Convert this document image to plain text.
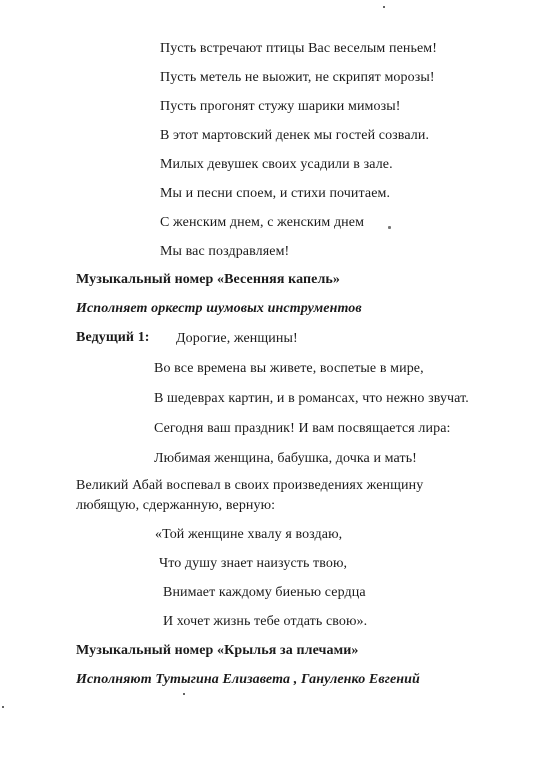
Пусть встречают птицы Вас веселым пеньем!
Пусть метель не выожит, не скрипят морозы!
Пусть прогонят стужу шарики мимозы!
В этот мартовский денек мы гостей созвали.
Милых девушек своих усадили в зале.
Мы и песни споем, и стихи почитаем.
С женским днем, с женским днем
Мы вас поздравляем!
Музыкальный номер «Весенняя капель»
Исполняет оркестр шумовых инструментов
Ведущий 1: Дорогие, женщины!
Во все времена вы живете, воспетые в мире,
В шедеврах картин, и в романсах, что нежно звучат.
Сегодня ваш праздник! И вам посвящается лира:
Любимая женщина, бабушка, дочка и мать!
Великий Абай воспевал в своих произведениях женщину
любящую, сдержанную, верную:
«Той женщине хвалу я воздаю,
Что душу знает наизусть твою,
Внимает каждому биенью сердца
И хочет жизнь тебе отдать свою».
Музыкальный номер «Крылья за плечами»
Исполняют Тутыгина Елизавета , Гануленко Евгений
